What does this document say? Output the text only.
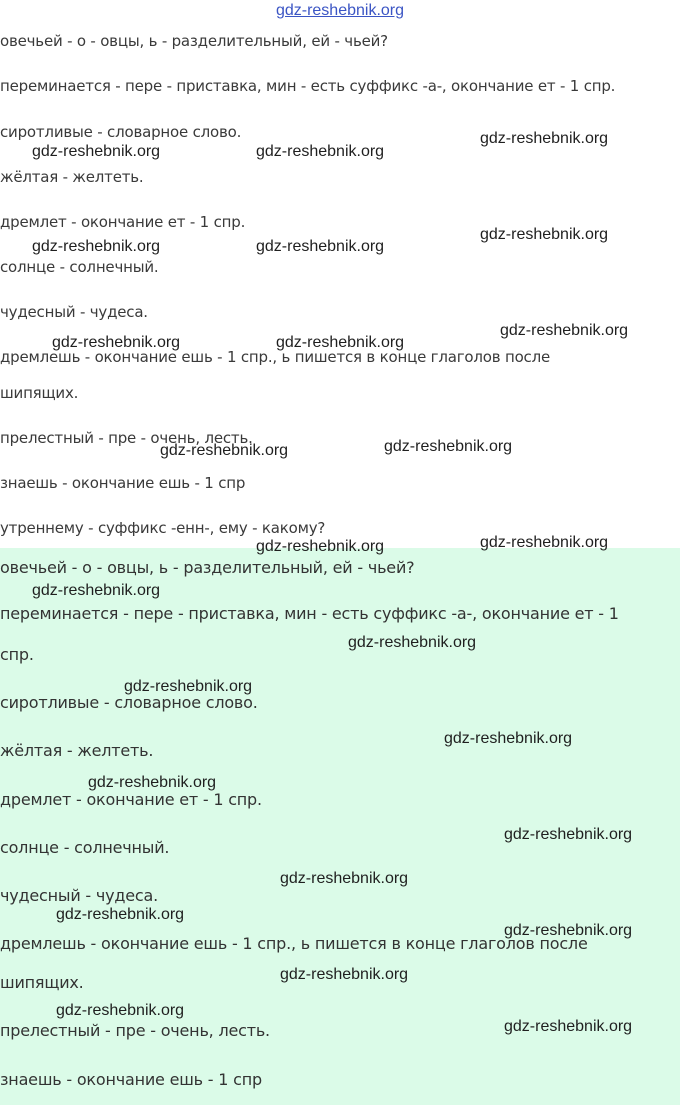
gdz-reshebnik.org
овечьей - о - овцы, ь - разделительный, ей - чьей?
переминается - пере - приставка, мин - есть суффикс -а-, окончание ет - 1 спр.
сиротливые - словарное слово.
жёлтая - желтеть.
дремлет - окончание ет - 1 спр.
солнце - солнечный.
чудесный - чудеса.
дремлешь - окончание ешь - 1 спр., ь пишется в конце глаголов после
шипящих.
прелестный - пре - очень, лесть.
знаешь - окончание ешь - 1 спр
утреннему - суффикс -енн-, ему - какому?
овечьей - о - овцы, ь - разделительный, ей - чьей?
переминается - пере - приставка, мин - есть суффикс -а-, окончание ет - 1
спр.
сиротливые - словарное слово.
жёлтая - желтеть.
дремлет - окончание ет - 1 спр.
солнце - солнечный.
чудесный - чудеса.
дремлешь - окончание ешь - 1 спр., ь пишется в конце глаголов после
шипящих.
прелестный - пре - очень, лесть.
знаешь - окончание ешь - 1 спр
gdz-reshebnik.org	gdz-reshebnik.org
gdz-reshebnik.org
gdz-reshebnik.org	gdz-reshebnik.org
gdz-reshebnik.org
gdz-reshebnik.org	gdz-reshebnik.org
gdz-reshebnik.org
gdz-reshebnik.org	gdz-reshebnik.org
gdz-reshebnik.org	gdz-reshebnik.org
gdz-reshebnik.org
gdz-reshebnik.org
gdz-reshebnik.org
gdz-reshebnik.org
gdz-reshebnik.org
gdz-reshebnik.org
gdz-reshebnik.org
gdz-reshebnik.org
gdz-reshebnik.org
gdz-reshebnik.org
gdz-reshebnik.org
gdz-reshebnik.org
